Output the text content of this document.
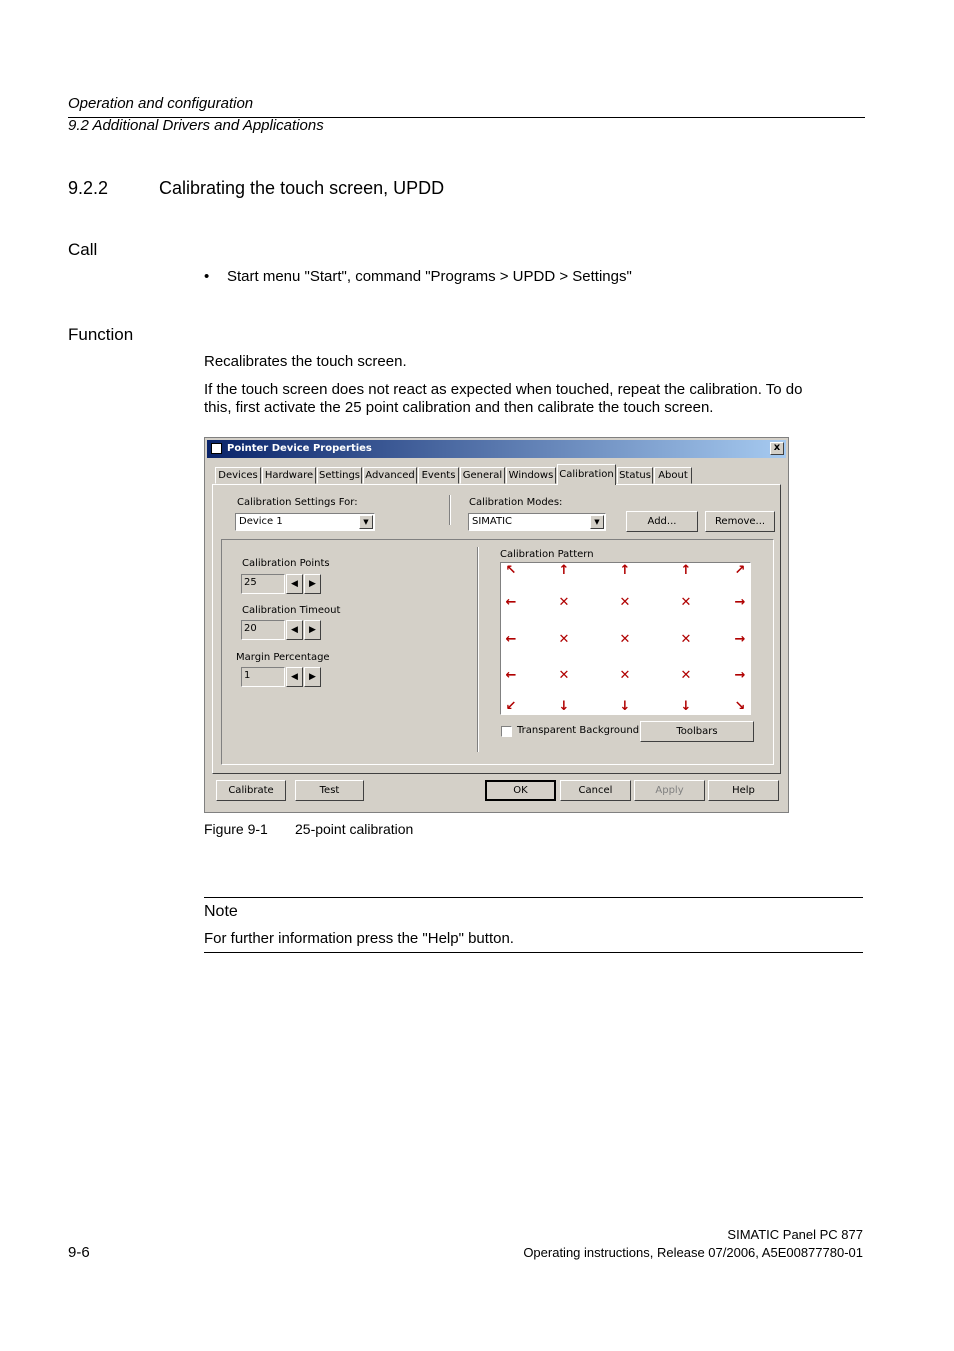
Operation and configuration
9.2 Additional Drivers and Applications
9.2.2	Calibrating the touch screen, UPDD
Call
• Start menu "Start", command "Programs > UPDD > Settings"
Function
Recalibrates the touch screen.
If the touch screen does not react as expected when touched, repeat the calibration. To do
this, first activate the 25 point calibration and then calibrate the touch screen.
Pointer Device Properties	x
Devices Hardware Settings Advanced Events General Windows Calibration Status About
Calibration Settings For:
Device 1	▼
Calibration Modes:
SIMATIC	▼	Add...	Remove...
Calibration Points
25	◀	▶
Calibration Timeout
20	◀	▶
Margin Percentage
1	◀	▶
Calibration Pattern
↖	↑	↑	↑	↗
←	✕	✕	✕	→
←	✕	✕	✕	→
←	✕	✕	✕	→
↙	↓	↓	↓	↘
Transparent Background	Toolbars
Calibrate	Test	OK	Cancel	Apply	Help
Figure 9-1 25-point calibration
Note
For further information press the "Help" button.
SIMATIC Panel PC 877
9-6	Operating instructions, Release 07/2006, A5E00877780-01
